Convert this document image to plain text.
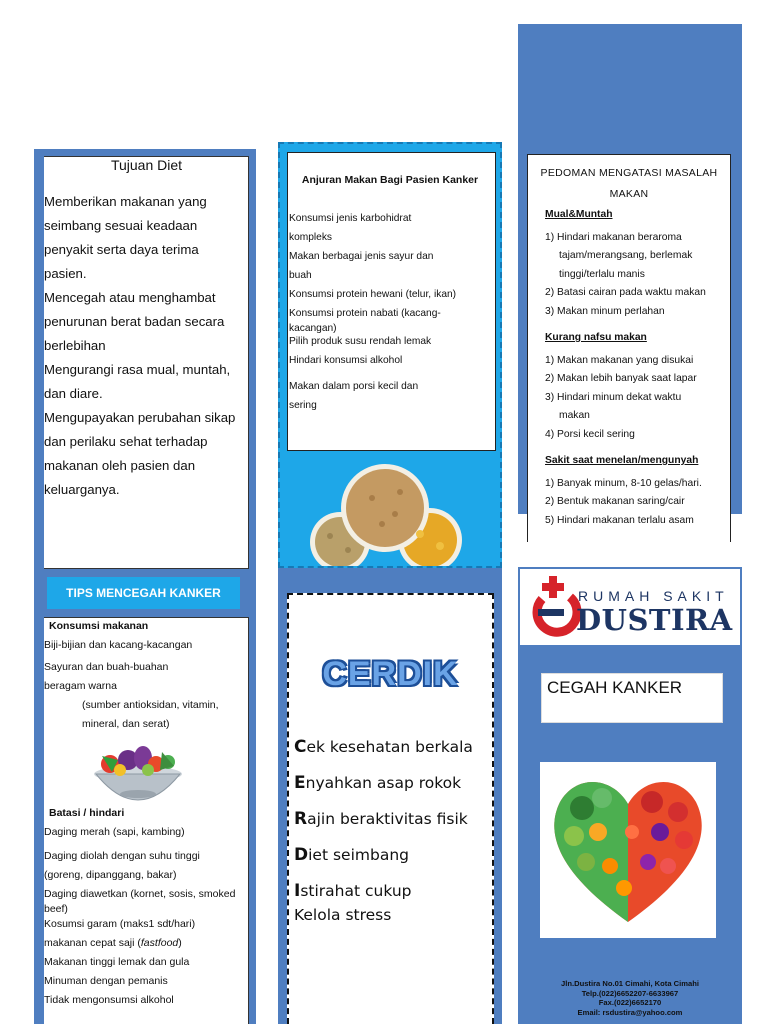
Tujuan Diet

Memberikan makanan yang seimbang sesuai keadaan penyakit serta daya terima pasien.

Mencegah atau menghambat penurunan berat badan secara berlebihan

Mengurangi rasa mual, muntah, dan diare.

Mengupayakan perubahan sikap dan perilaku sehat terhadap makanan oleh pasien dan keluarganya.

TIPS MENCEGAH KANKER
Konsumsi makanan
Biji-bijian dan kacang-kacangan
Sayuran dan buah-buahan
beragam warna
(sumber antioksidan, vitamin,
mineral, dan serat)
Batasi / hindari
Daging merah (sapi, kambing)
Daging diolah dengan suhu tinggi
(goreng, dipanggang, bakar)
Daging diawetkan (kornet, sosis, smoked
beef)
Kosumsi garam (maks1 sdt/hari)
makanan cepat saji (fastfood)
Makanan tinggi lemak dan gula
Minuman dengan pemanis
Tidak mengonsumsi alkohol
Anjuran Makan Bagi Pasien Kanker
Konsumsi jenis karbohidrat
kompleks
Makan berbagai jenis sayur dan
buah
Konsumsi protein hewani (telur, ikan)
Konsumsi protein nabati (kacang-
kacangan)
Pilih produk susu rendah lemak
Hindari konsumsi alkohol
Makan dalam porsi kecil dan
sering
CERDIK
Cek kesehatan berkala
Enyahkan asap rokok
Rajin beraktivitas fisik
Diet seimbang
Istirahat cukup
Kelola stress
PEDOMAN MENGATASI MASALAH MAKAN
Mual&Muntah
1) Hindari makanan beraroma
tajam/merangsang, berlemak
tinggi/terlalu manis
2) Batasi cairan pada waktu makan
3) Makan minum perlahan
Kurang nafsu makan
1) Makan makanan yang disukai
2) Makan lebih banyak saat lapar
3) Hindari minum dekat waktu
makan
4) Porsi kecil sering
Sakit saat menelan/mengunyah
1) Banyak minum, 8-10 gelas/hari.
2) Bentuk makanan saring/cair
5) Hindari makanan terlalu asam
RUMAH SAKIT
DUSTIRA
CEGAH KANKER
Jln.Dustira No.01 Cimahi, Kota Cimahi
Telp.(022)6652207-6633967
Fax.(022)6652170
Email: rsdustira@yahoo.com
